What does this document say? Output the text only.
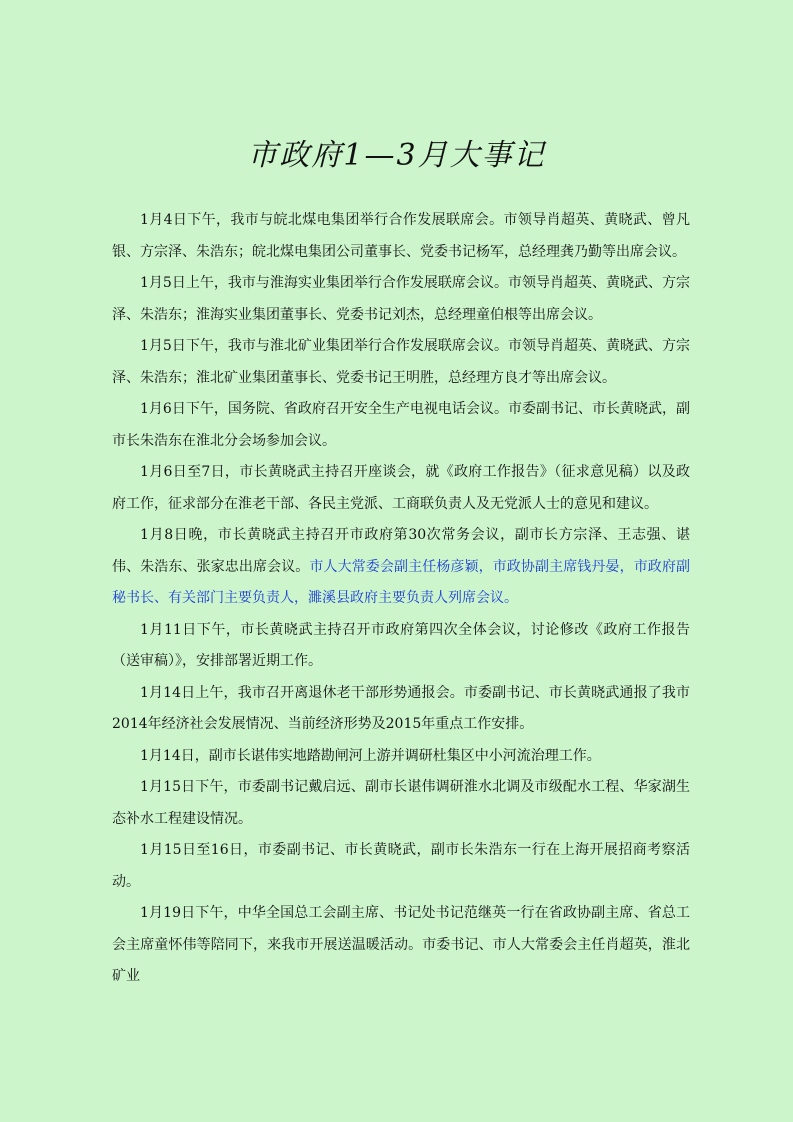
市政府1—3月大事记

1月4日下午，我市与皖北煤电集团举行合作发展联席会。市领导肖超英、黄晓武、曾凡银、方宗泽、朱浩东；皖北煤电集团公司董事长、党委书记杨军，总经理龚乃勤等出席会议。

1月5日上午，我市与淮海实业集团举行合作发展联席会议。市领导肖超英、黄晓武、方宗泽、朱浩东；淮海实业集团董事长、党委书记刘杰，总经理童伯根等出席会议。

1月5日下午，我市与淮北矿业集团举行合作发展联席会议。市领导肖超英、黄晓武、方宗泽、朱浩东；淮北矿业集团董事长、党委书记王明胜，总经理方良才等出席会议。

1月6日下午，国务院、省政府召开安全生产电视电话会议。市委副书记、市长黄晓武，副市长朱浩东在淮北分会场参加会议。

1月6日至7日，市长黄晓武主持召开座谈会，就《政府工作报告》（征求意见稿）以及政府工作，征求部分在淮老干部、各民主党派、工商联负责人及无党派人士的意见和建议。

1月8日晚，市长黄晓武主持召开市政府第30次常务会议，副市长方宗泽、王志强、谌伟、朱浩东、张家忠出席会议。市人大常委会副主任杨彦颖，市政协副主席钱丹晏，市政府副秘书长、有关部门主要负责人，濉溪县政府主要负责人列席会议。

1月11日下午，市长黄晓武主持召开市政府第四次全体会议，讨论修改《政府工作报告（送审稿）》，安排部署近期工作。

1月14日上午，我市召开离退休老干部形势通报会。市委副书记、市长黄晓武通报了我市2014年经济社会发展情况、当前经济形势及2015年重点工作安排。

1月14日，副市长谌伟实地踏勘闸河上游并调研杜集区中小河流治理工作。

1月15日下午，市委副书记戴启远、副市长谌伟调研淮水北调及市级配水工程、华家湖生态补水工程建设情况。

1月15日至16日，市委副书记、市长黄晓武，副市长朱浩东一行在上海开展招商考察活动。

1月19日下午，中华全国总工会副主席、书记处书记范继英一行在省政协副主席、省总工会主席童怀伟等陪同下，来我市开展送温暖活动。市委书记、市人大常委会主任肖超英，淮北矿业
